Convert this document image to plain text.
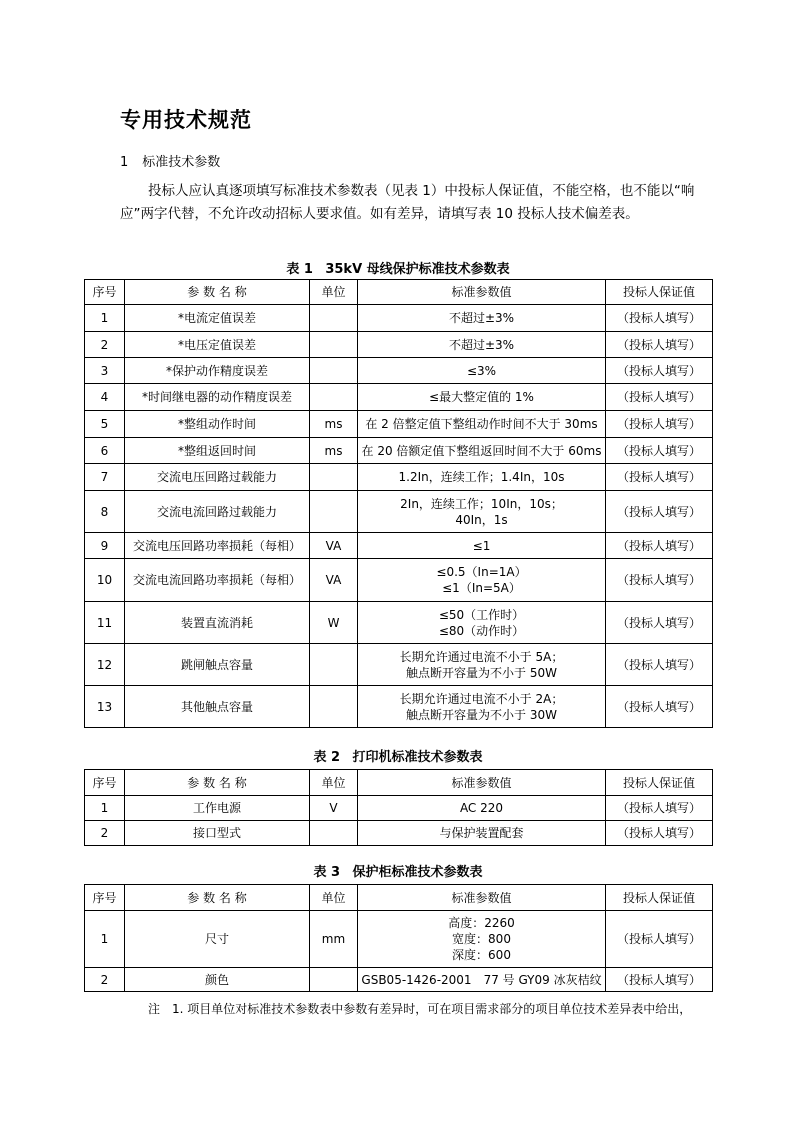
专用技术规范
1 标准技术参数
投标人应认真逐项填写标准技术参数表（见表 1）中投标人保证值，不能空格，也不能以“响应”两字代替，不允许改动招标人要求值。如有差异，请填写表 10 投标人技术偏差表。
表 1 35kV 母线保护标准技术参数表
序号	参 数 名 称	单位	标准参数值	投标人保证值
1	*电流定值误差		不超过±3%	（投标人填写）
2	*电压定值误差		不超过±3%	（投标人填写）
3	*保护动作精度误差		≤3%	（投标人填写）
4	*时间继电器的动作精度误差		≤最大整定值的 1%	（投标人填写）
5	*整组动作时间	ms	在 2 倍整定值下整组动作时间不大于 30ms	（投标人填写）
6	*整组返回时间	ms	在 20 倍额定值下整组返回时间不大于 60ms	（投标人填写）
7	交流电压回路过载能力		1.2In，连续工作；1.4In，10s	（投标人填写）
8	交流电流回路过载能力		2In，连续工作；10In，10s；
40In，1s	（投标人填写）
9	交流电压回路功率损耗（每相）	VA	≤1	（投标人填写）
10	交流电流回路功率损耗（每相）	VA	≤0.5（In=1A）
≤1（In=5A）	（投标人填写）
11	装置直流消耗	W	≤50（工作时）
≤80（动作时）	（投标人填写）
12	跳闸触点容量		长期允许通过电流不小于 5A；
触点断开容量为不小于 50W	（投标人填写）
13	其他触点容量		长期允许通过电流不小于 2A；
触点断开容量为不小于 30W	（投标人填写）
表 2 打印机标准技术参数表
序号	参 数 名 称	单位	标准参数值	投标人保证值
1	工作电源	V	AC 220	（投标人填写）
2	接口型式		与保护装置配套	（投标人填写）
表 3 保护柜标准技术参数表
序号	参 数 名 称	单位	标准参数值	投标人保证值
1	尺寸	mm	高度：2260
宽度：800
深度：600	（投标人填写）
2	颜色		GSB05-1426-2001　77 号 GY09 冰灰桔纹	（投标人填写）
注 1. 项目单位对标准技术参数表中参数有差异时，可在项目需求部分的项目单位技术差异表中给出，
